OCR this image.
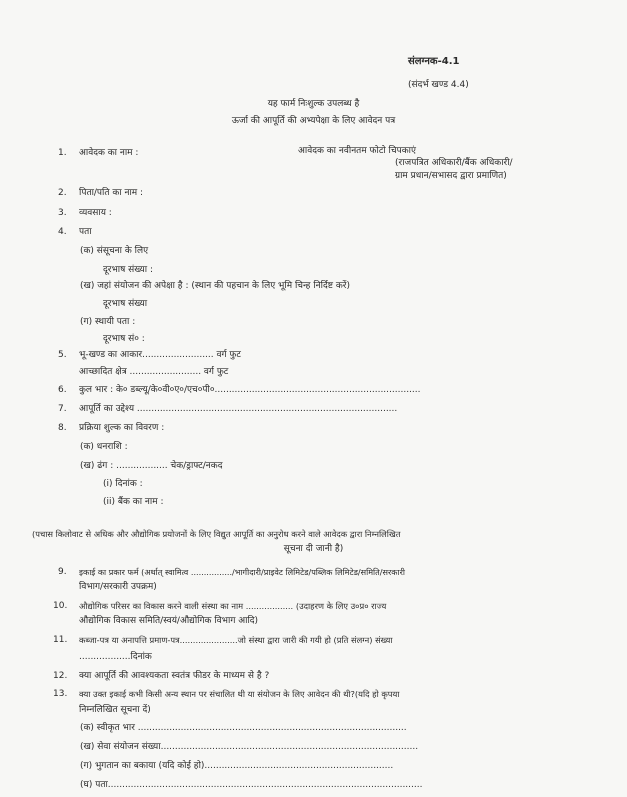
संलग्नक-4.1
(संदर्भ खण्ड 4.4)
यह फार्म निःशुल्क उपलब्ध है
ऊर्जा की आपूर्ति की अभ्यपेक्षा के लिए आवेदन पत्र
आवेदक का नवीनतम फोटो चिपकाएं
(राजपत्रित अधिकारी/बैंक अधिकारी/
ग्राम प्रधान/सभासद द्वारा प्रमाणित)
1. आवेदक का नाम :
2. पिता/पति का नाम :
3. व्यवसाय :
4. पता
(क) संसूचना के लिए
दूरभाष संख्या :
(ख) जहां संयोजन की अपेक्षा है : (स्थान की पहचान के लिए भूमि चिन्ह निर्दिष्ट करें)
दूरभाष संख्या
(ग) स्थायी पता :
दूरभाष सं० :
5. भू-खण्ड का आकार......................... वर्ग फुट
आच्छादित क्षेत्र ......................... वर्ग फुट
6. कुल भार : के० डब्ल्यू/के०वी०ए०/एच०पी०........................................................................
7. आपूर्ति का उद्देश्य ...........................................................................................
8. प्रक्रिया शुल्क का विवरण :
(क) धनराशि :
(ख) ढंग : .................. चेक/ड्राफ्ट/नकद
(i) दिनांक :
(ii) बैंक का नाम :
(पचास किलोवाट से अधिक और औद्योगिक प्रयोजनों के लिए विद्युत आपूर्ति का अनुरोध करने वाले आवेदक द्वारा निम्नलिखित
सूचना दी जानी है)
9. इकाई का प्रकार फर्म (अर्थात् स्वामित्व ................/भागीदारी/प्राइवेट लिमिटेड/पब्लिक लिमिटेड/समिति/सरकारी
विभाग/सरकारी उपक्रम)
10. औद्योगिक परिसर का विकास करने वाली संस्था का नाम .................. (उदाहरण के लिए उ०प्र० राज्य
औद्योगिक विकास समिति/स्वयं/औद्योगिक विभाग आदि)
11. कब्जा-पत्र या अनापत्ति प्रमाण-पत्र......................जो संस्था द्वारा जारी की गयी हो (प्रति संलग्न) संख्या
..................दिनांक
12. क्या आपूर्ति की आवश्यकता स्वतंत्र फीडर के माध्यम से है ?
13. क्या उक्त इकाई कभी किसी अन्य स्थान पर संचालित थी या संयोजन के लिए आवेदन की थी?(यदि हो कृपया
निम्नलिखित सूचना दें)
(क) स्वीकृत भार ..............................................................................................
(ख) सेवा संयोजन संख्या..........................................................................................
(ग) भुगतान का बकाया (यदि कोई हो)..................................................................
(घ) पता..............................................................................................................
